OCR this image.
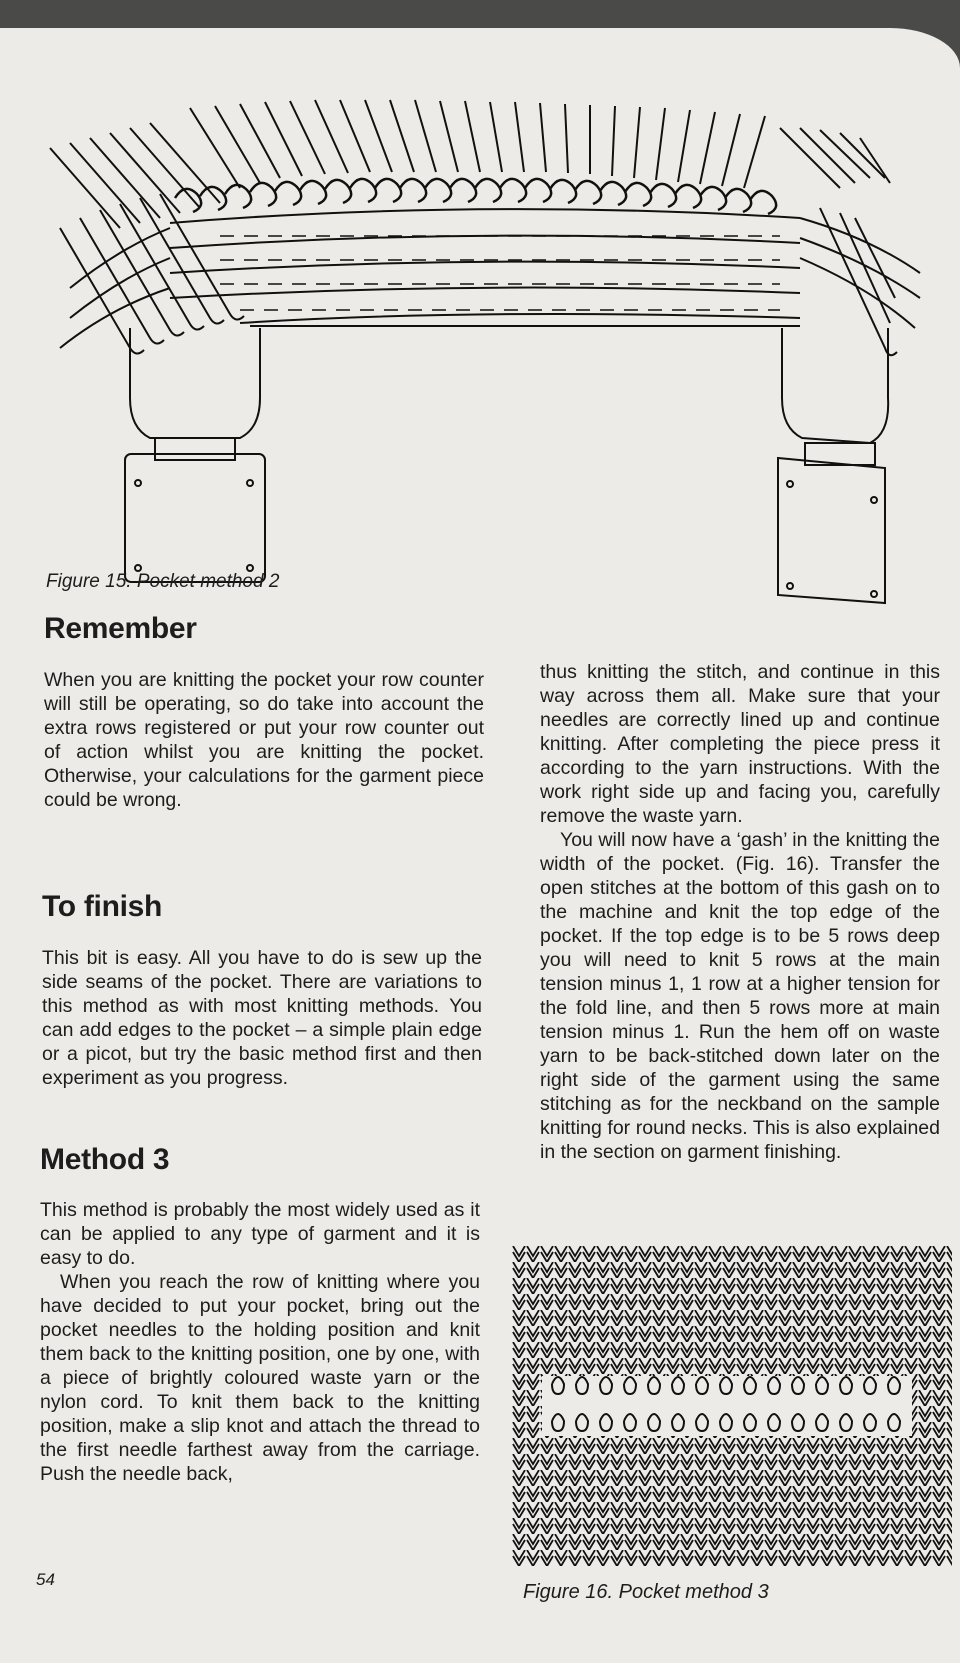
Figure 15. Pocket method 2
Remember
When you are knitting the pocket your row counter will still be operating, so do take into account the extra rows registered or put your row counter out of action whilst you are knitting the pocket. Otherwise, your calculations for the garment piece could be wrong.
To finish
This bit is easy. All you have to do is sew up the side seams of the pocket. There are variations to this method as with most knitting methods. You can add edges to the pocket – a simple plain edge or a picot, but try the basic method first and then experiment as you progress.
Method 3

This method is probably the most widely used as it can be applied to any type of garment and it is easy to do.

When you reach the row of knitting where you have decided to put your pocket, bring out the pocket needles to the holding position and knit them back to the knitting position, one by one, with a piece of brightly coloured waste yarn or the nylon cord. To knit them back to the knitting position, make a slip knot and attach the thread to the first needle farthest away from the carriage. Push the needle back,

54

thus knitting the stitch, and continue in this way across them all. Make sure that your needles are correctly lined up and continue knitting. After completing the piece press it according to the yarn instructions. With the work right side up and facing you, carefully remove the waste yarn.

You will now have a ‘gash’ in the knitting the width of the pocket. (Fig. 16). Transfer the open stitches at the bottom of this gash on to the machine and knit the top edge of the pocket. If the top edge is to be 5 rows deep you will need to knit 5 rows at the main tension minus 1, 1 row at a higher tension for the fold line, and then 5 rows more at main tension minus 1. Run the hem off on waste yarn to be back-stitched down later on the right side of the garment using the same stitching as for the neckband on the sample knitting for round necks. This is also explained in the section on garment finishing.

Figure 16. Pocket method 3
